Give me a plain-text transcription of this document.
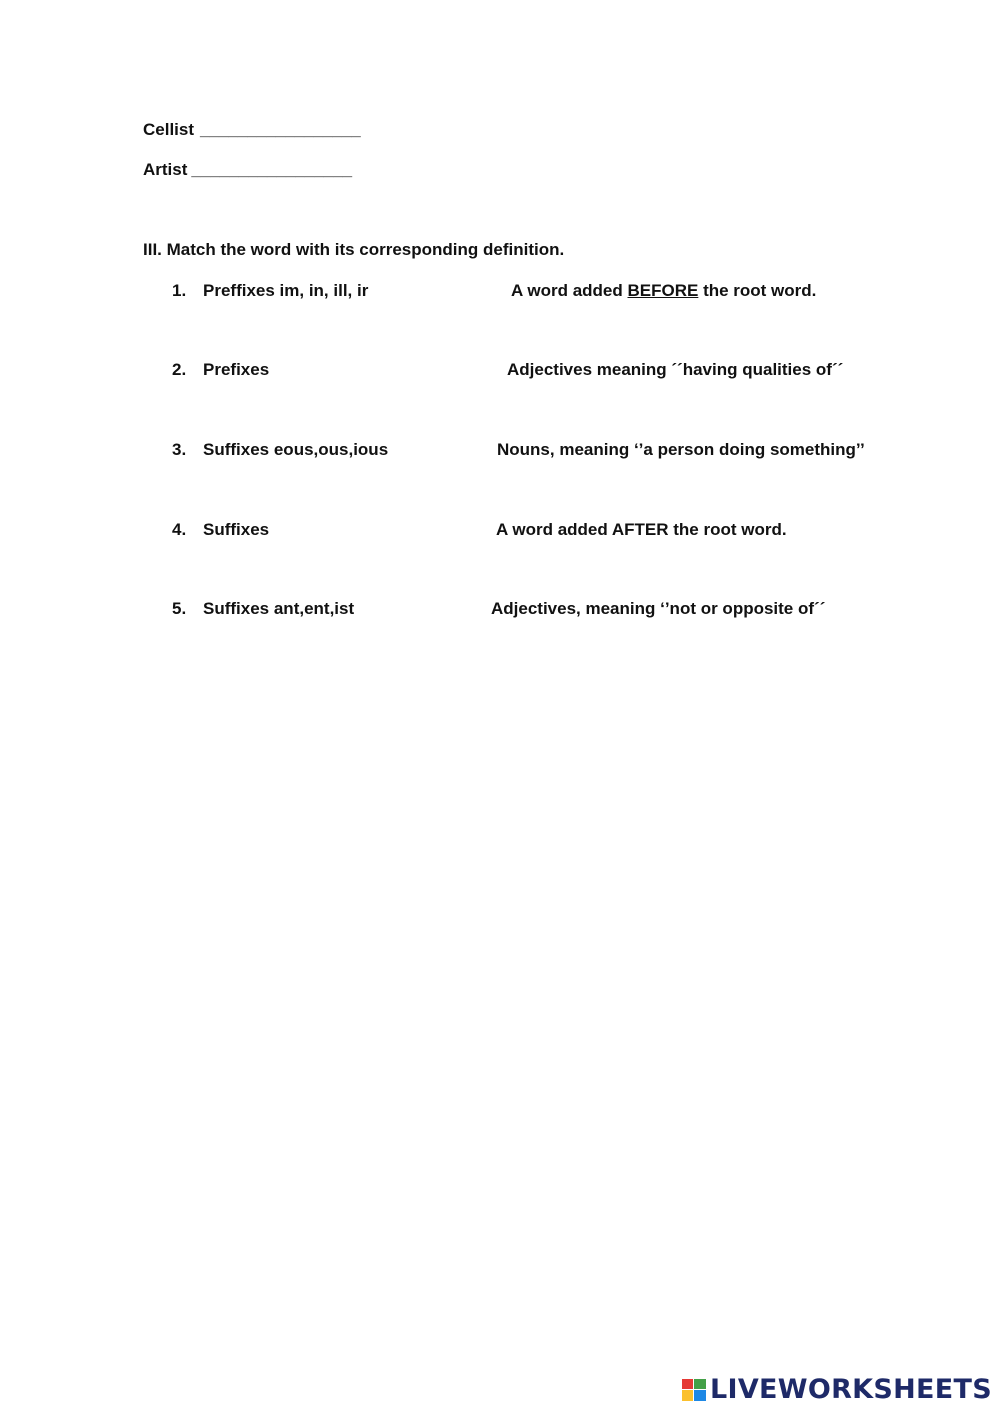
Cellist _________________
Artist _________________
III. Match the word with its corresponding definition.
1. Preffixes im, in, ill, ir	A word added BEFORE the root word.
2. Prefixes	Adjectives meaning ´´having qualities of´´
3. Suffixes eous,ous,ious	Nouns, meaning ‘’a person doing something’’
4. Suffixes	A word added AFTER the root word.
5. Suffixes ant,ent,ist	Adjectives, meaning ‘’not or opposite of´´
LIVEWORKSHEETS
